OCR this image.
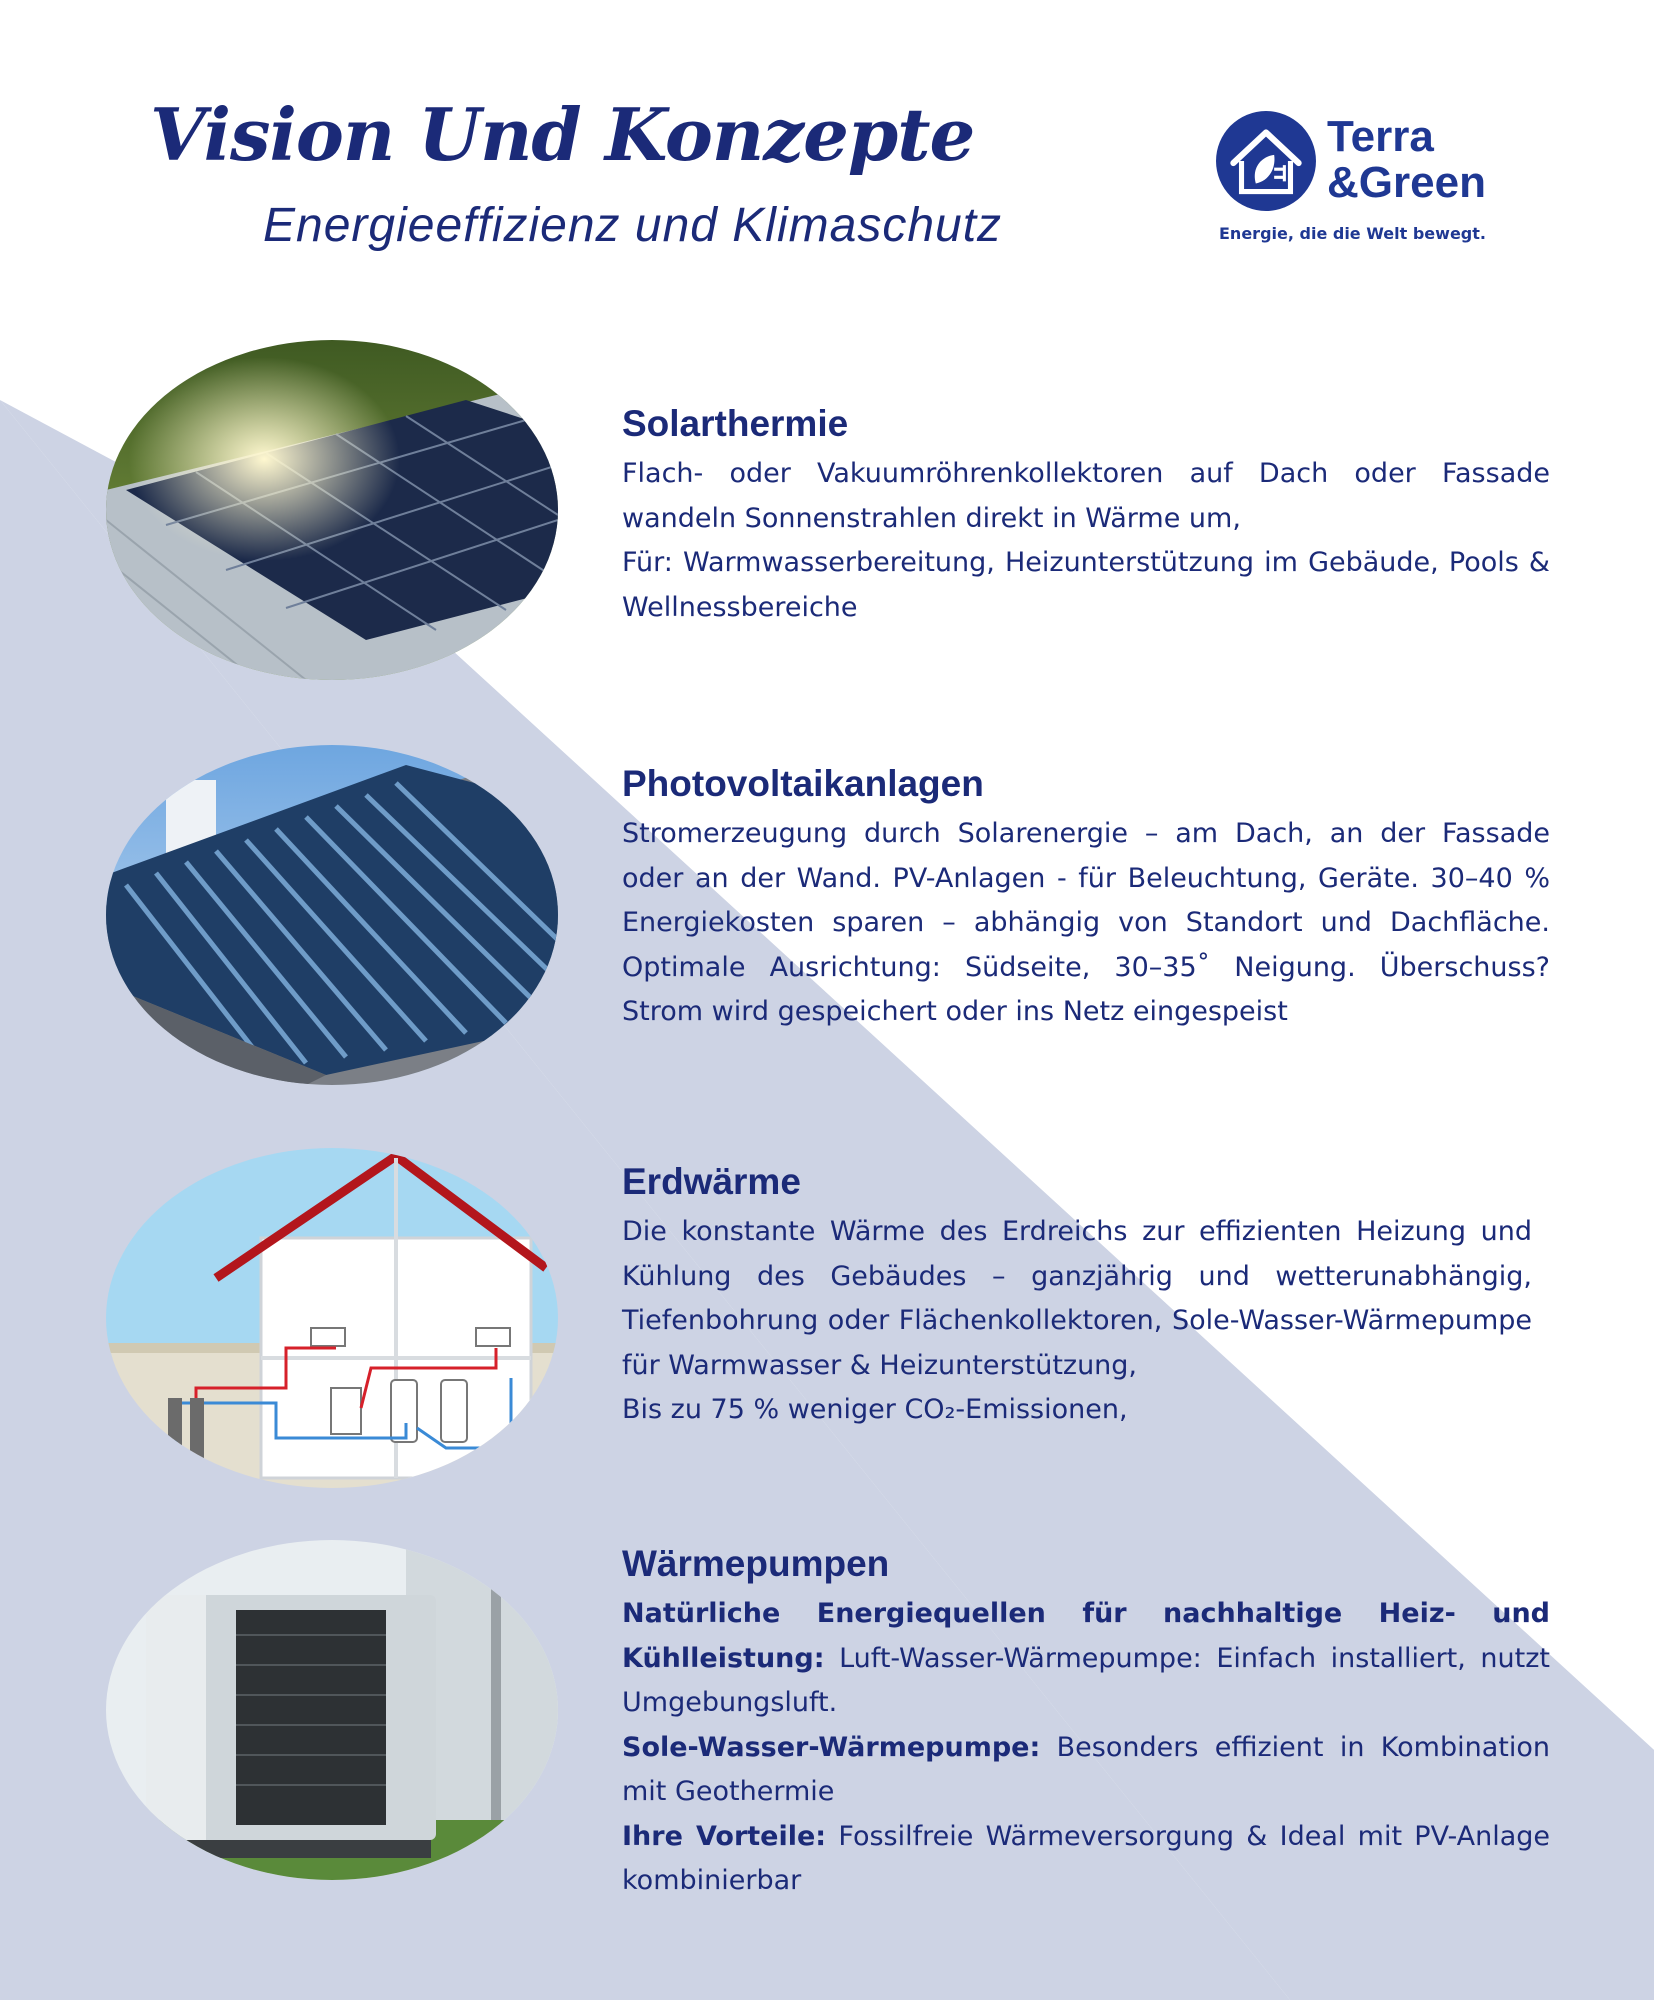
Vision Und Konzepte
Energieeffizienz und Klimaschutz
Terra
&Green
Energie, die die Welt bewegt.
Solarthermie

Flach- oder Vakuumröhrenkollektoren auf Dach oder Fassade wandeln Sonnenstrahlen direkt in Wärme um,

Für: Warmwasserbereitung, Heizunterstützung im Gebäude, Pools & Wellnessbereiche

Photovoltaikanlagen

Stromerzeugung durch Solarenergie – am Dach, an der Fassade oder an der Wand. PV-Anlagen - für Beleuchtung, Geräte. 30–40 % Energiekosten sparen – abhängig von Standort und Dachfläche. Optimale Ausrichtung: Südseite, 30–35˚ Neigung. Überschuss? Strom wird gespeichert oder ins Netz eingespeist

Erdwärme

Die konstante Wärme des Erdreichs zur effizienten Heizung und Kühlung des Gebäudes – ganzjährig und wetterunabhängig, Tiefenbohrung oder Flächenkollektoren, Sole-Wasser-Wärmepumpe für Warmwasser & Heizunterstützung,

Bis zu 75 % weniger CO₂-Emissionen,

Wärmepumpen

Natürliche Energiequellen für nachhaltige Heiz- und Kühlleistung: Luft-Wasser-Wärmepumpe: Einfach installiert, nutzt Umgebungsluft.

Sole-Wasser-Wärmepumpe: Besonders effizient in Kombination mit Geothermie

Ihre Vorteile: Fossilfreie Wärmeversorgung & Ideal mit PV-Anlage kombinierbar
